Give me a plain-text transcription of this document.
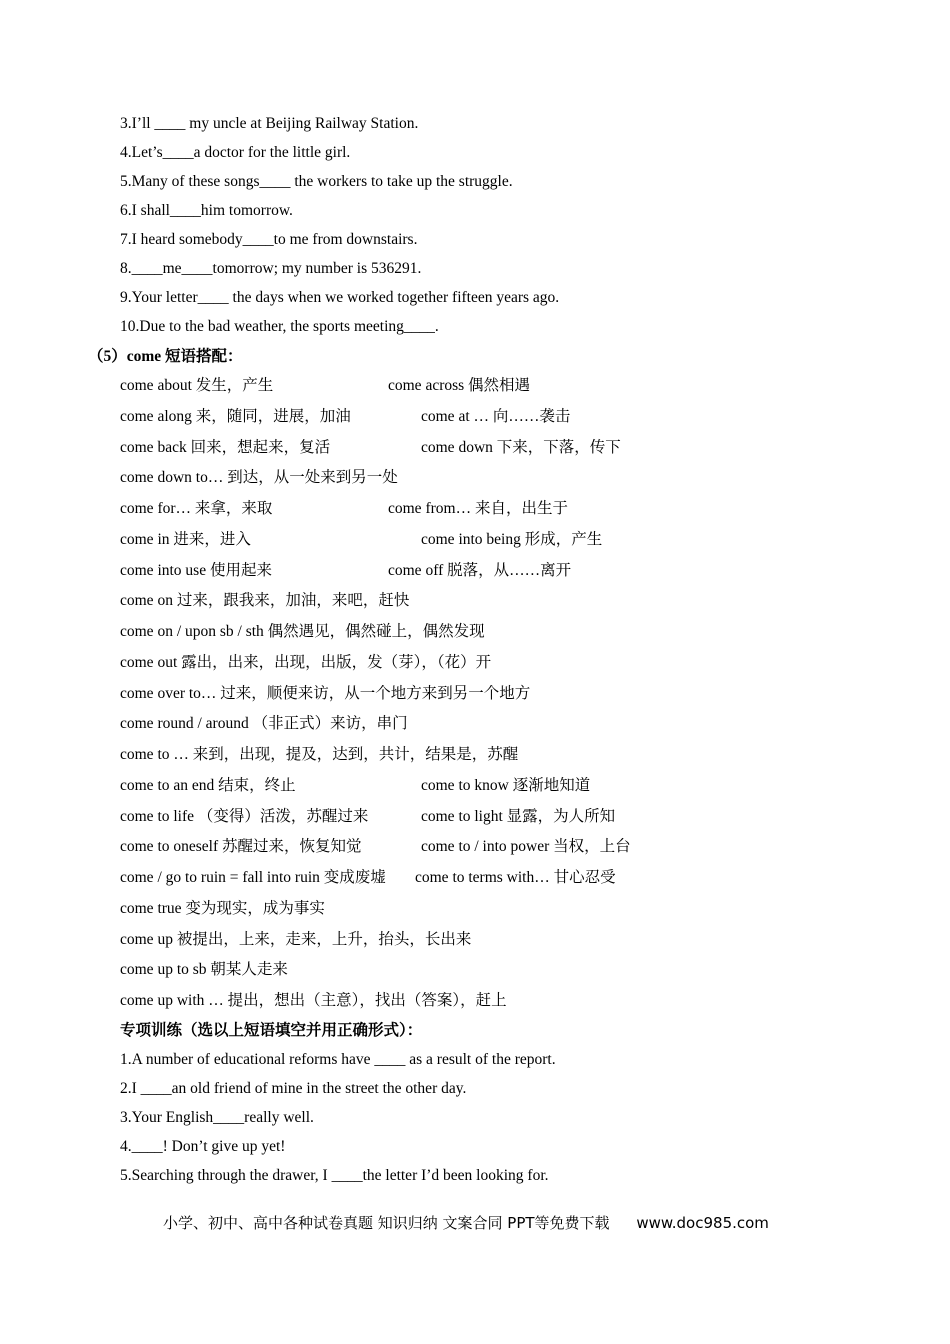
3.I’ll ____ my uncle at Beijing Railway Station.
4.Let’s____a doctor for the little girl.
5.Many of these songs____ the workers to take up the struggle.
6.I shall____him tomorrow.
7.I heard somebody____to me from downstairs.
8.____me____tomorrow; my number is 536291.
9.Your letter____ the days when we worked together fifteen years ago.
10.Due to the bad weather, the sports meeting____.
（5）come 短语搭配：
come about 发生，产生	come across 偶然相遇
come along 来，随同，进展，加油	come at … 向……袭击
come back 回来，想起来，复活	come down 下来，下落，传下
come down to… 到达，从一处来到另一处
come for… 来拿，来取	come from… 来自，出生于
come in 进来，进入	come into being 形成，产生
come into use 使用起来	come off 脱落，从……离开
come on 过来，跟我来，加油，来吧，赶快
come on / upon sb / sth 偶然遇见，偶然碰上，偶然发现
come out 露出，出来，出现，出版，发（芽），（花）开
come over to… 过来，顺便来访，从一个地方来到另一个地方
come round / around （非正式）来访，串门
come to … 来到，出现，提及，达到，共计，结果是，苏醒
come to an end 结束，终止	come to know 逐渐地知道
come to life （变得）活泼，苏醒过来	come to light 显露，为人所知
come to oneself 苏醒过来，恢复知觉	come to / into power 当权，上台
come / go to ruin = fall into ruin 变成废墟 come to terms with… 甘心忍受
come true 变为现实，成为事实
come up 被提出，上来，走来，上升，抬头，长出来
come up to sb 朝某人走来
come up with … 提出，想出（主意），找出（答案），赶上
专项训练（选以上短语填空并用正确形式）：
1.A number of educational reforms have ____ as a result of the report.
2.I ____an old friend of mine in the street the other day.
3.Your English____really well.
4.____! Don’t give up yet!
5.Searching through the drawer, I ____the letter I’d been looking for.
小学、初中、高中各种试卷真题 知识归纳 文案合同 PPT等免费下载 www.doc985.com
